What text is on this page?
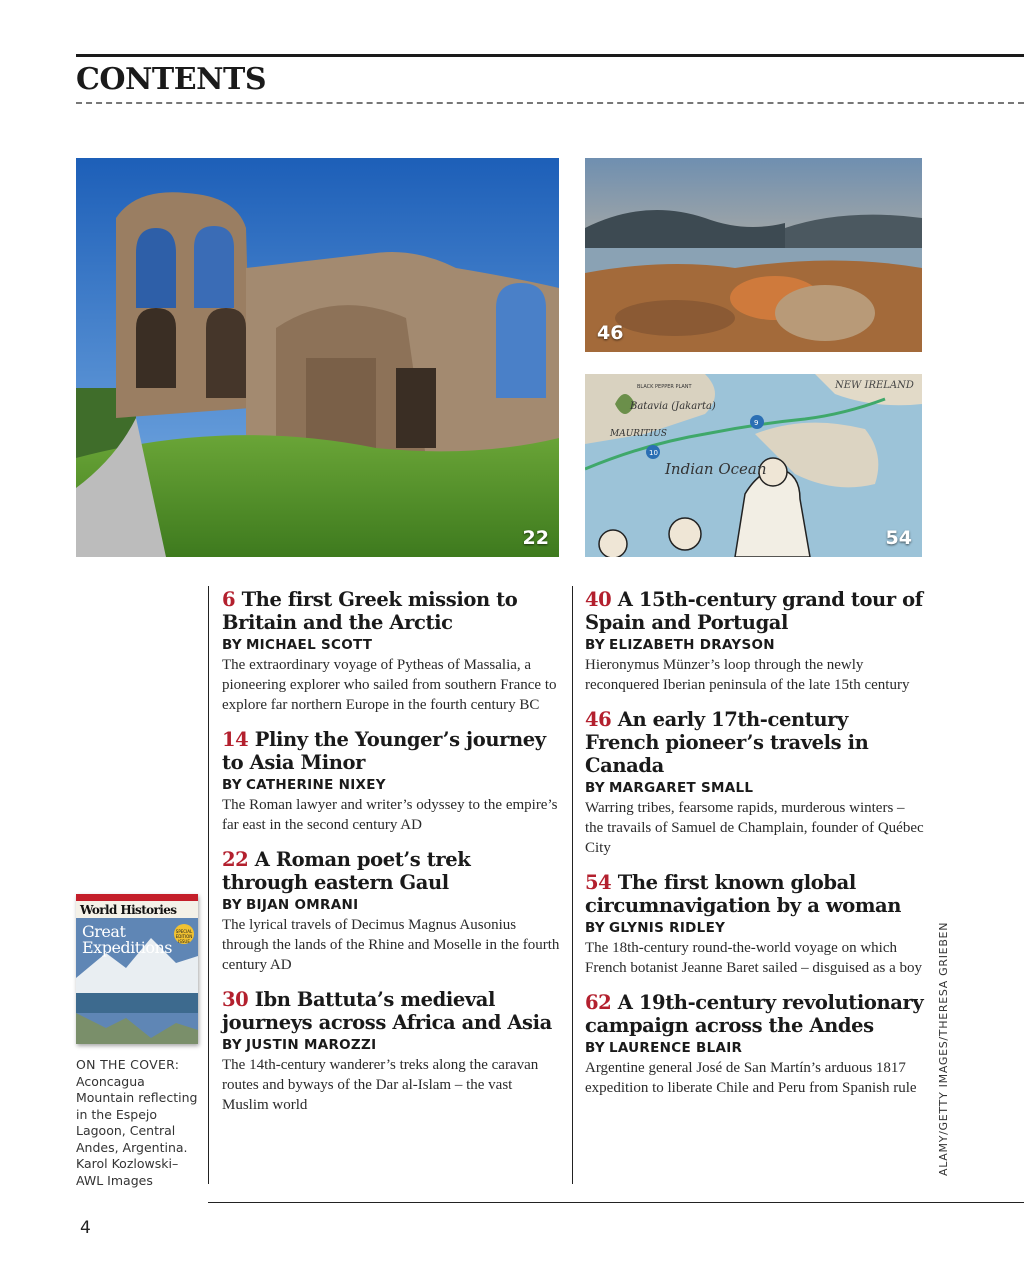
CONTENTS
22
46
Batavia (Jakarta)
MAURITIUS
Indian Ocean
NEW IRELAND
BLACK PEPPER PLANT
10
9
54
6 The first Greek mission to Britain and the Arctic
BY MICHAEL SCOTT

The extraordinary voyage of Pytheas of Massalia, a pioneering explorer who sailed from southern France to explore far northern Europe in the fourth century BC

14 Pliny the Younger’s journey to Asia Minor
BY CATHERINE NIXEY

The Roman lawyer and writer’s odyssey to the empire’s far east in the second century AD

22 A Roman poet’s trek through eastern Gaul
BY BIJAN OMRANI

The lyrical travels of Decimus Magnus Ausonius through the lands of the Rhine and Moselle in the fourth century AD

30 Ibn Battuta’s medieval journeys across Africa and Asia
BY JUSTIN MAROZZI

The 14th-century wanderer’s treks along the caravan routes and byways of the Dar al-Islam – the vast Muslim world

40 A 15th-century grand tour of Spain and Portugal
BY ELIZABETH DRAYSON

Hieronymus Münzer’s loop through the newly reconquered Iberian peninsula of the late 15th century

46 An early 17th-century French pioneer’s travels in Canada
BY MARGARET SMALL

Warring tribes, fearsome rapids, murderous winters – the travails of Samuel de Champlain, founder of Québec City

54 The first known global circumnavigation by a woman
BY GLYNIS RIDLEY

The 18th-century round-the-world voyage on which French botanist Jeanne Baret sailed – disguised as a boy

62 A 19th-century revolutionary campaign across the Andes
BY LAURENCE BLAIR

Argentine general José de San Martín’s arduous 1817 expedition to liberate Chile and Peru from Spanish rule

World Histories
Great
Expeditions
SPECIAL EDITION ISSUE
ON THE COVER:
Aconcagua Mountain reflecting in the Espejo Lagoon, Central Andes, Argentina. Karol Kozlowski– AWL Images
ALAMY/GETTY IMAGES/THERESA GRIEBEN
4
